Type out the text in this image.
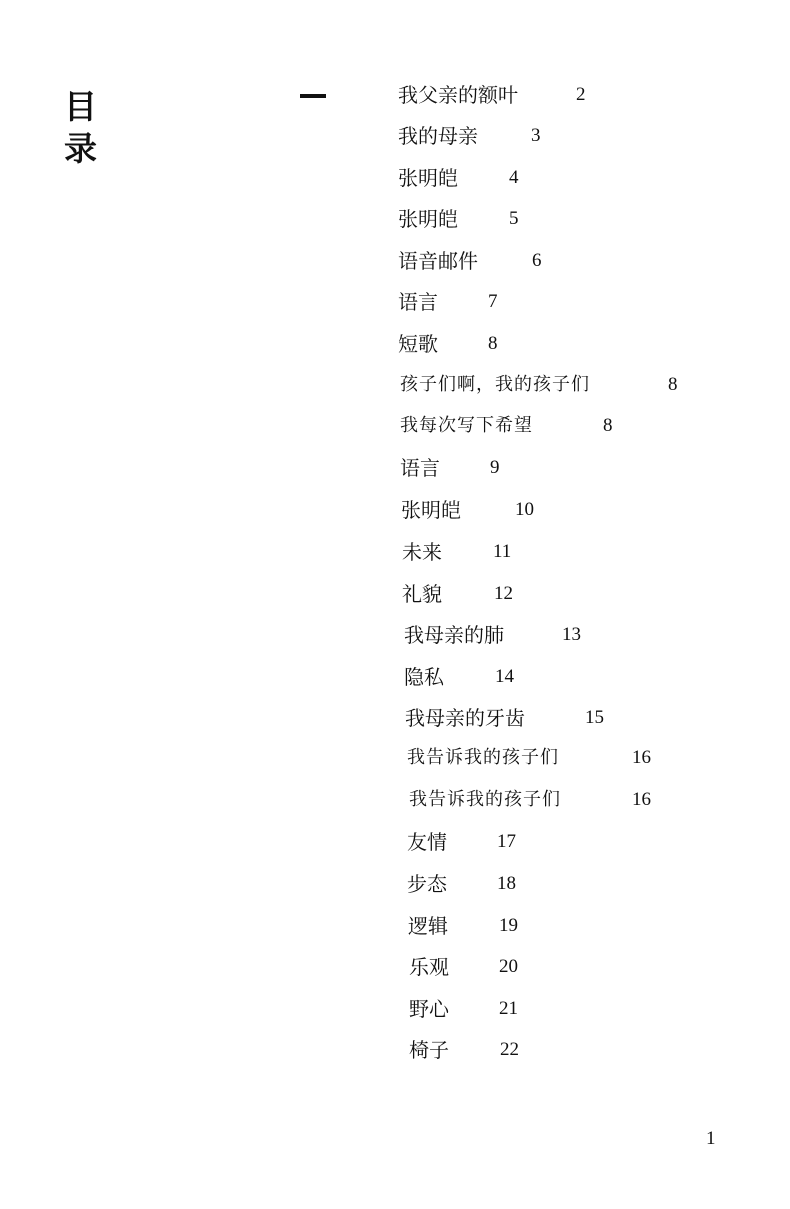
目
录
我父亲的额叶	2
我的母亲	3
张明皑	4
张明皑	5
语音邮件	6
语言	7
短歌	8
孩子们啊，我的孩子们	8
我每次写下希望	8
语言	9
张明皑	10
未来	11
礼貌	12
我母亲的肺	13
隐私	14
我母亲的牙齿	15
我告诉我的孩子们	16
我告诉我的孩子们	16
友情	17
步态	18
逻辑	19
乐观	20
野心	21
椅子	22
1
